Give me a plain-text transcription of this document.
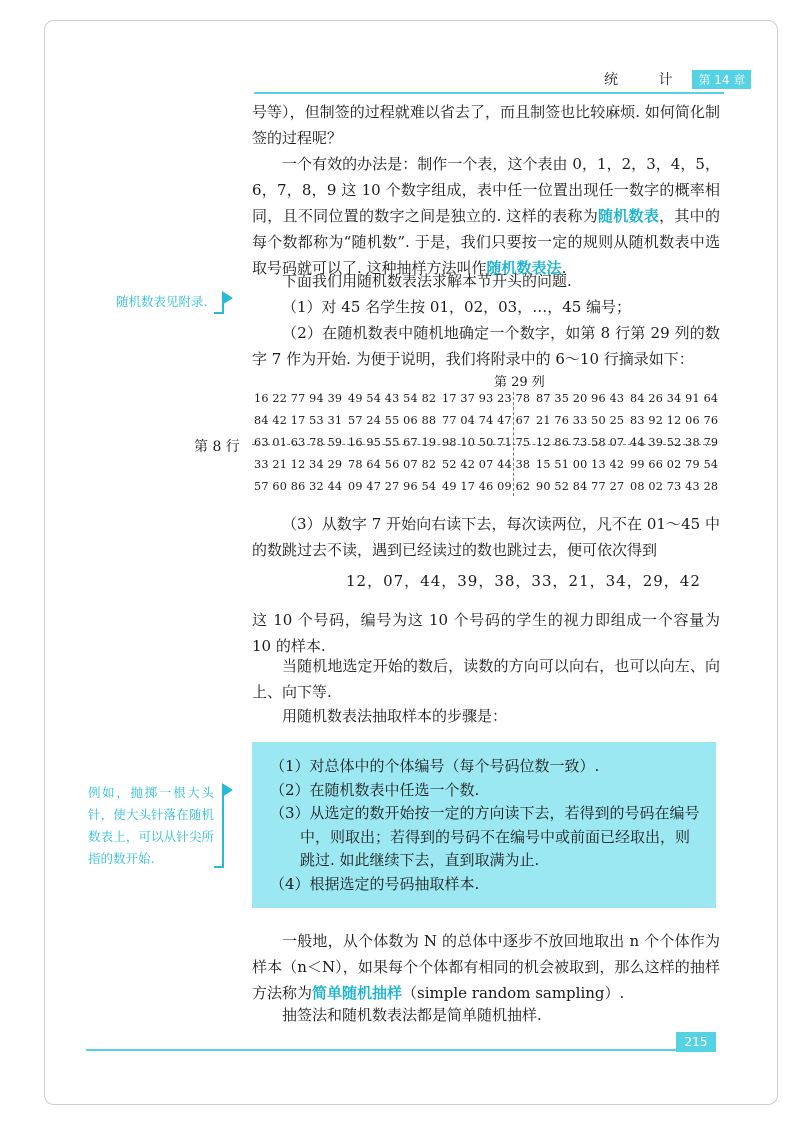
统 计 第 14 章
号等），但制签的过程就难以省去了，而且制签也比较麻烦. 如何简化制签的过程呢？
一个有效的办法是：制作一个表，这个表由 0，1，2，3，4，5，6，7，8，9 这 10 个数字组成，表中任一位置出现任一数字的概率相同，且不同位置的数字之间是独立的. 这样的表称为随机数表，其中的每个数都称为“随机数”. 于是，我们只要按一定的规则从随机数表中选取号码就可以了. 这种抽样方法叫作随机数表法.
下面我们用随机数表法求解本节开头的问题.
（1）对 45 名学生按 01，02，03，…，45 编号；
（2）在随机数表中随机地确定一个数字，如第 8 行第 29 列的数字 7 作为开始. 为便于说明，我们将附录中的 6～10 行摘录如下：
随机数表见附录.
第 29 列
第 8 行
16 22 77 94 39 49 54 43 54 82 17 37 93 23 78 87 35 20 96 43 84 26 34 91 64
84 42 17 53 31 57 24 55 06 88 77 04 74 47 67 21 76 33 50 25 83 92 12 06 76
63 01 63 78 59 16 95 55 67 19 98 10 50 71 75 12 86 73 58 07 44 39 52 38 79
33 21 12 34 29 78 64 56 07 82 52 42 07 44 38 15 51 00 13 42 99 66 02 79 54
57 60 86 32 44 09 47 27 96 54 49 17 46 09 62 90 52 84 77 27 08 02 73 43 28
（3）从数字 7 开始向右读下去，每次读两位，凡不在 01～45 中的数跳过去不读，遇到已经读过的数也跳过去，便可依次得到
12，07，44，39，38，33，21，34，29，42
这 10 个号码，编号为这 10 个号码的学生的视力即组成一个容量为 10 的样本.
当随机地选定开始的数后，读数的方向可以向右，也可以向左、向上、向下等.
用随机数表法抽取样本的步骤是：
（1）对总体中的个体编号（每个号码位数一致）.
（2）在随机数表中任选一个数.
（3）从选定的数开始按一定的方向读下去，若得到的号码在编号中，则取出；若得到的号码不在编号中或前面已经取出，则跳过. 如此继续下去，直到取满为止.
（4）根据选定的号码抽取样本.
例如，抛掷一根大头针，使大头针落在随机数表上，可以从针尖所指的数开始.
一般地，从个体数为 N 的总体中逐步不放回地取出 n 个个体作为样本（n＜N），如果每个个体都有相同的机会被取到，那么这样的抽样方法称为简单随机抽样（simple random sampling）.
抽签法和随机数表法都是简单随机抽样.
215
